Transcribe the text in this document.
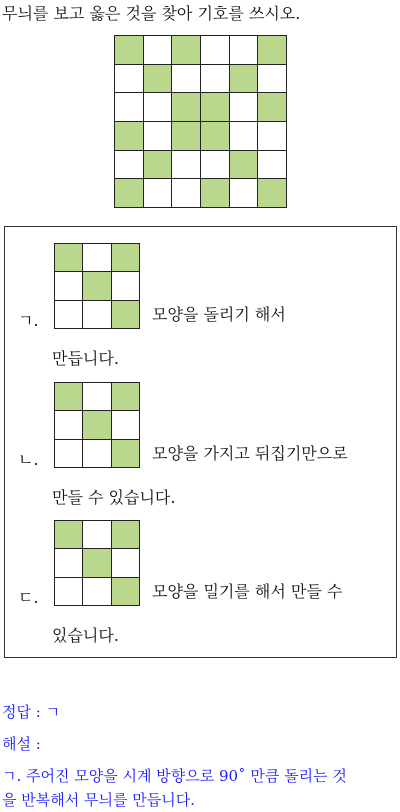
무늬를 보고 옳은 것을 찾아 기호를 쓰시오.
ㄱ.	모양을 돌리기 해서
만듭니다.
ㄴ.	모양을 가지고 뒤집기만으로
만들 수 있습니다.
ㄷ.	모양을 밀기를 해서 만들 수
있습니다.
정답 : ㄱ
해설 :
ㄱ. 주어진 모양을 시계 방향으로 90˚ 만큼 돌리는 것
을 반복해서 무늬를 만듭니다.
